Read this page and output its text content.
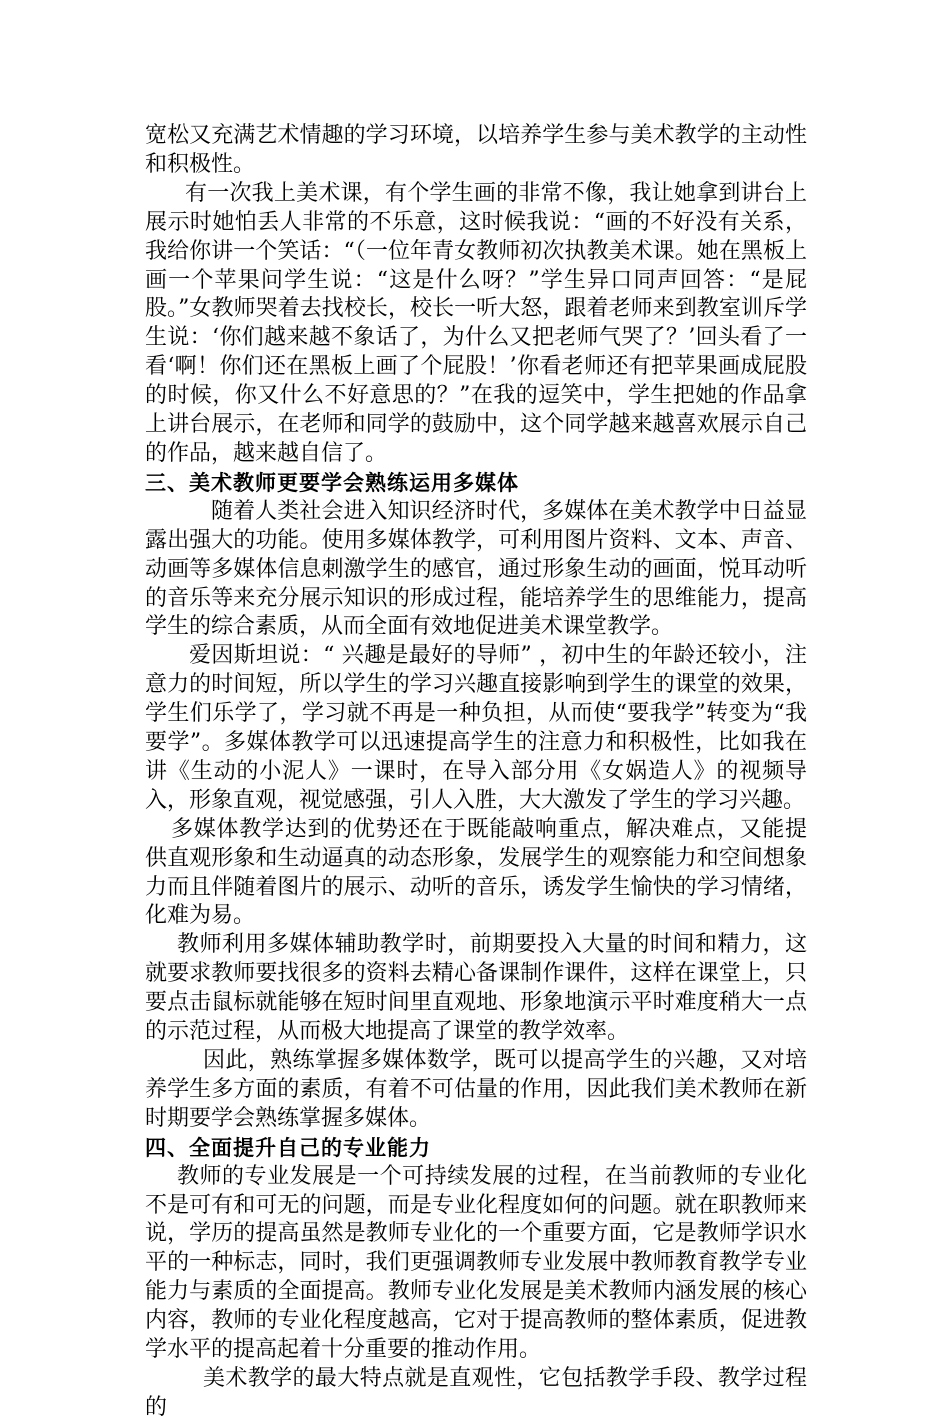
宽松又充满艺术情趣的学习环境，以培养学生参与美术教学的主动性和积极性。

有一次我上美术课，有个学生画的非常不像，我让她拿到讲台上展示时她怕丢人非常的不乐意，这时候我说：“画的不好没有关系，我给你讲一个笑话：“（一位年青女教师初次执教美术课。她在黑板上画一个苹果问学生说：“这是什么呀？”学生异口同声回答：“是屁股。”女教师哭着去找校长，校长一听大怒，跟着老师来到教室训斥学生说：‘你们越来越不象话了，为什么又把老师气哭了？’回头看了一看‘啊！你们还在黑板上画了个屁股！’你看老师还有把苹果画成屁股的时候，你又什么不好意思的？”在我的逗笑中，学生把她的作品拿上讲台展示，在老师和同学的鼓励中，这个同学越来越喜欢展示自己的作品，越来越自信了。

三、美术教师更要学会熟练运用多媒体

随着人类社会进入知识经济时代，多媒体在美术教学中日益显露出强大的功能。使用多媒体教学，可利用图片资料、文本、声音、动画等多媒体信息刺激学生的感官，通过形象生动的画面，悦耳动听的音乐等来充分展示知识的形成过程，能培养学生的思维能力，提高学生的综合素质，从而全面有效地促进美术课堂教学。

爱因斯坦说：“ 兴趣是最好的导师” ，初中生的年龄还较小，注意力的时间短，所以学生的学习兴趣直接影响到学生的课堂的效果，学生们乐学了，学习就不再是一种负担，从而使“要我学”转变为“我要学”。多媒体教学可以迅速提高学生的注意力和积极性，比如我在讲《生动的小泥人》一课时，在导入部分用《女娲造人》的视频导入，形象直观，视觉感强，引人入胜，大大激发了学生的学习兴趣。

多媒体教学达到的优势还在于既能敲响重点，解决难点，又能提供直观形象和生动逼真的动态形象，发展学生的观察能力和空间想象力而且伴随着图片的展示、动听的音乐，诱发学生愉快的学习情绪，化难为易。

教师利用多媒体辅助教学时，前期要投入大量的时间和精力，这就要求教师要找很多的资料去精心备课制作课件，这样在课堂上，只要点击鼠标就能够在短时间里直观地、形象地演示平时难度稍大一点的示范过程，从而极大地提高了课堂的教学效率。

因此，熟练掌握多媒体数学，既可以提高学生的兴趣，又对培养学生多方面的素质，有着不可估量的作用，因此我们美术教师在新时期要学会熟练掌握多媒体。

四、全面提升自己的专业能力

教师的专业发展是一个可持续发展的过程，在当前教师的专业化不是可有和可无的问题，而是专业化程度如何的问题。就在职教师来说，学历的提高虽然是教师专业化的一个重要方面，它是教师学识水平的一种标志，同时，我们更强调教师专业发展中教师教育教学专业能力与素质的全面提高。教师专业化发展是美术教师内涵发展的核心内容，教师的专业化程度越高，它对于提高教师的整体素质，促进教学水平的提高起着十分重要的推动作用。

美术教学的最大特点就是直观性，它包括教学手段、教学过程的
